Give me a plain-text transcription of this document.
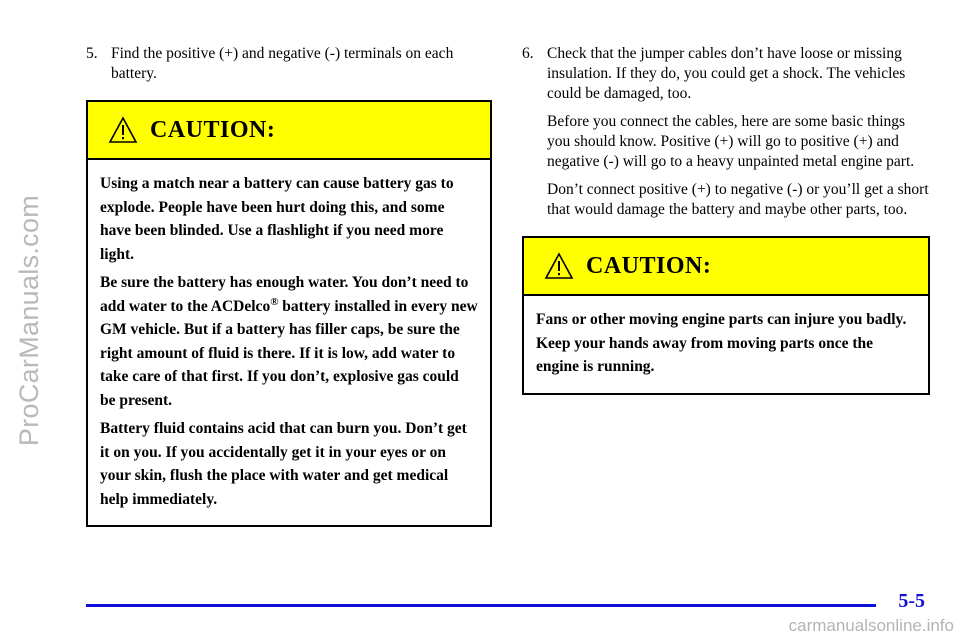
ProCarManuals.com
5. Find the positive (+) and negative (-) terminals on each battery.

CAUTION:

Using a match near a battery can cause battery gas to explode. People have been hurt doing this, and some have been blinded. Use a flashlight if you need more light.

Be sure the battery has enough water. You don’t need to add water to the ACDelco® battery installed in every new GM vehicle. But if a battery has filler caps, be sure the right amount of fluid is there. If it is low, add water to take care of that first. If you don’t, explosive gas could be present.

Battery fluid contains acid that can burn you. Don’t get it on you. If you accidentally get it in your eyes or on your skin, flush the place with water and get medical help immediately.

6. Check that the jumper cables don’t have loose or missing insulation. If they do, you could get a shock. The vehicles could be damaged, too.

Before you connect the cables, here are some basic things you should know. Positive (+) will go to positive (+) and negative (-) will go to a heavy unpainted metal engine part.

Don’t connect positive (+) to negative (-) or you’ll get a short that would damage the battery and maybe other parts, too.

CAUTION:

Fans or other moving engine parts can injure you badly. Keep your hands away from moving parts once the engine is running.

5-5
carmanualsonline.info
